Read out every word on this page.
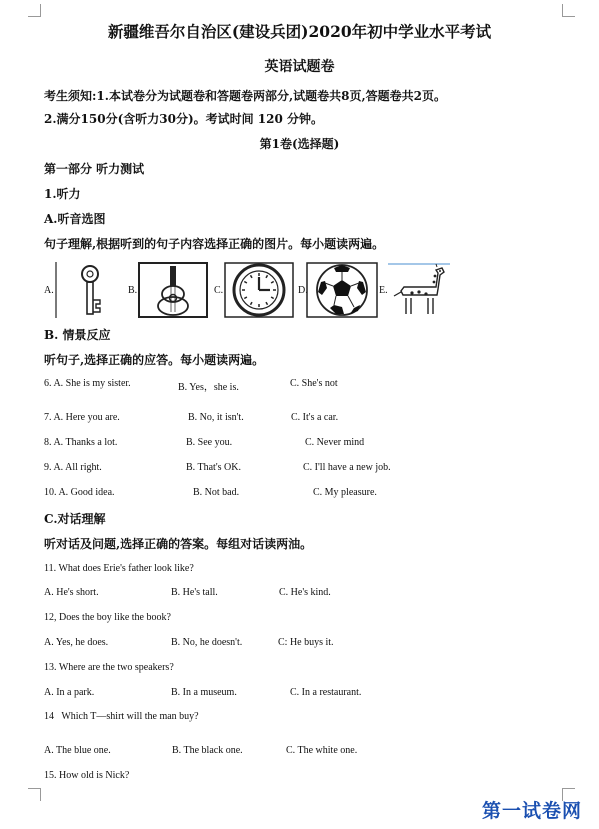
新疆维吾尔自治区(建设兵团)2020年初中学业水平考试
英语试题卷
考生须知:1.本试卷分为试题卷和答题卷两部分,试题卷共8页,答题卷共2页。
2.满分150分(含听力30分)。考试时间 120 分钟。
第1卷(选择题)
第一部分 听力测试
1.听力
A.听音选图
句子理解,根据听到的句子内容选择正确的图片。每小题读两遍。
A.	B.	C.	D.	E.
B. 情景反应
听句子,选择正确的应答。每小题读两遍。
6. A. She is my sister.	B. Yes，she is.	C. She's not
7. A. Here you are.	B. No, it isn't.	C. It's a car.
8. A. Thanks a lot.	B. See you.	C. Never mind
9. A. All right.	B. That's OK.	C. I'll have a new job.
10. A. Good idea.	B. Not bad.	C. My pleasure.
C.对话理解
听对话及问题,选择正确的答案。每组对话读两油。
11. What does Erie's father look like?
A. He's short.	B. He's tall.	C. He's kind.
12, Does the boy like the book?
A. Yes, he does.	B. No, he doesn't.	C: He buys it.
13. Where are the two speakers?
A. In a park.	B. In a museum.	C. In a restaurant.
14   Which T—shirt will the man buy?
A. The blue one.	B. The black one.	C. The white one.
15. How old is Nick?
第一试卷网
